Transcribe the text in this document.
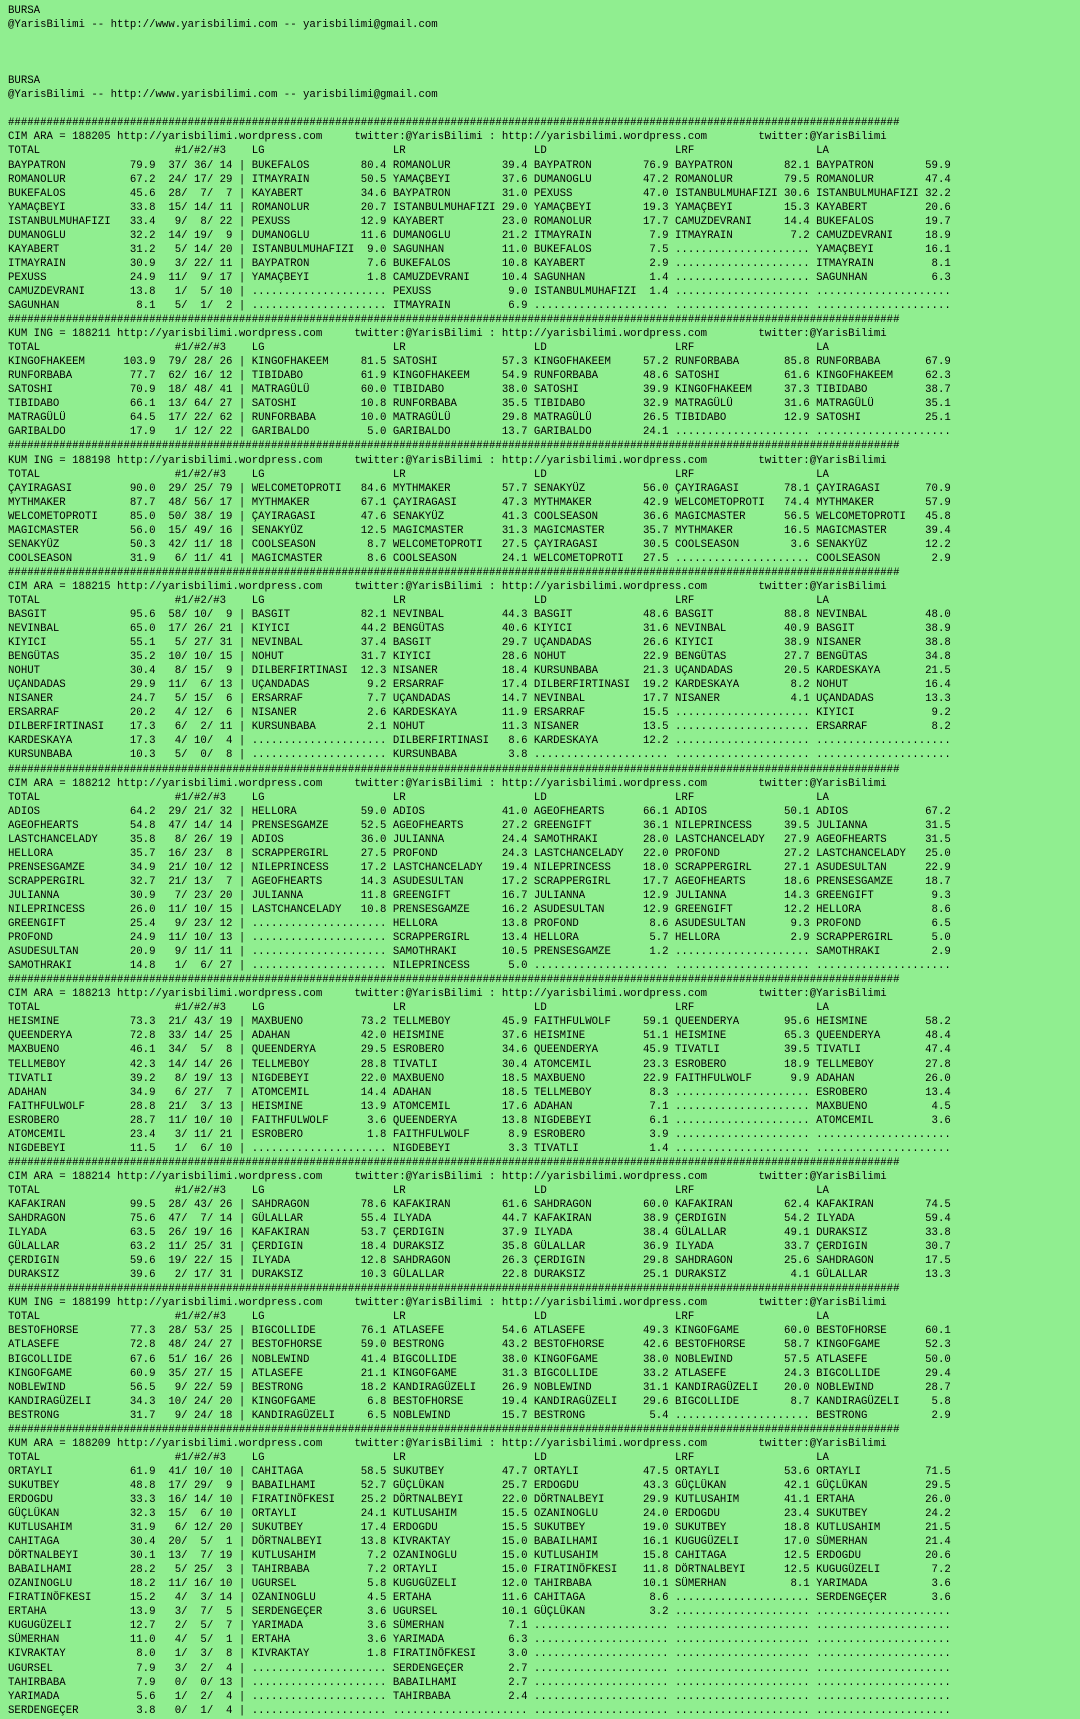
BURSA
@YarisBilimi -- http://www.yarisbilimi.com -- yarisbilimi@gmail.com

BURSA
@YarisBilimi -- http://www.yarisbilimi.com -- yarisbilimi@gmail.com

###########################################################################################################################################
CIM ARA = 188205 http://yarisbilimi.wordpress.com     twitter:@YarisBilimi : http://yarisbilimi.wordpress.com        twitter:@YarisBilimi
TOTAL                     #1/#2/#3    LG                    LR                    LD                    LRF                   LA
BAYPATRON          79.9  37/ 36/ 14 | BUKEFALOS        80.4 ROMANOLUR        39.4 BAYPATRON        76.9 BAYPATRON        82.1 BAYPATRON        59.9
ROMANOLUR          67.2  24/ 17/ 29 | ITMAYRAIN        50.5 YAMAÇBEYI        37.6 DUMANOGLU        47.2 ROMANOLUR        79.5 ROMANOLUR        47.4
BUKEFALOS          45.6  28/  7/  7 | KAYABERT         34.6 BAYPATRON        31.0 PEXUSS           47.0 ISTANBULMUHAFIZI 30.6 ISTANBULMUHAFIZI 32.2
YAMAÇBEYI          33.8  15/ 14/ 11 | ROMANOLUR        20.7 ISTANBULMUHAFIZI 29.0 YAMAÇBEYI        19.3 YAMAÇBEYI        15.3 KAYABERT         20.6
ISTANBULMUHAFIZI   33.4   9/  8/ 22 | PEXUSS           12.9 KAYABERT         23.0 ROMANOLUR        17.7 CAMUZDEVRANI     14.4 BUKEFALOS        19.7
DUMANOGLU          32.2  14/ 19/  9 | DUMANOGLU        11.6 DUMANOGLU        21.2 ITMAYRAIN         7.9 ITMAYRAIN         7.2 CAMUZDEVRANI     18.9
KAYABERT           31.2   5/ 14/ 20 | ISTANBULMUHAFIZI  9.0 SAGUNHAN         11.0 BUKEFALOS         7.5 ..................... YAMAÇBEYI        16.1
ITMAYRAIN          30.9   3/ 22/ 11 | BAYPATRON         7.6 BUKEFALOS        10.8 KAYABERT          2.9 ..................... ITMAYRAIN         8.1
PEXUSS             24.9  11/  9/ 17 | YAMAÇBEYI         1.8 CAMUZDEVRANI     10.4 SAGUNHAN          1.4 ..................... SAGUNHAN          6.3
CAMUZDEVRANI       13.8   1/  5/ 10 | ..................... PEXUSS            9.0 ISTANBULMUHAFIZI  1.4 ..................... .....................
SAGUNHAN            8.1   5/  1/  2 | ..................... ITMAYRAIN         6.9 ..................... ..................... .....................
###########################################################################################################################################
KUM ING = 188211 http://yarisbilimi.wordpress.com     twitter:@YarisBilimi : http://yarisbilimi.wordpress.com        twitter:@YarisBilimi
TOTAL                     #1/#2/#3    LG                    LR                    LD                    LRF                   LA
KINGOFHAKEEM      103.9  79/ 28/ 26 | KINGOFHAKEEM     81.5 SATOSHI          57.3 KINGOFHAKEEM     57.2 RUNFORBABA       85.8 RUNFORBABA       67.9
RUNFORBABA         77.7  62/ 16/ 12 | TIBIDABO         61.9 KINGOFHAKEEM     54.9 RUNFORBABA       48.6 SATOSHI          61.6 KINGOFHAKEEM     62.3
SATOSHI            70.9  18/ 48/ 41 | MATRAGÜLÜ        60.0 TIBIDABO         38.0 SATOSHI          39.9 KINGOFHAKEEM     37.3 TIBIDABO         38.7
TIBIDABO           66.1  13/ 64/ 27 | SATOSHI          10.8 RUNFORBABA       35.5 TIBIDABO         32.9 MATRAGÜLÜ        31.6 MATRAGÜLÜ        35.1
MATRAGÜLÜ          64.5  17/ 22/ 62 | RUNFORBABA       10.0 MATRAGÜLÜ        29.8 MATRAGÜLÜ        26.5 TIBIDABO         12.9 SATOSHI          25.1
GARIBALDO          17.9   1/ 12/ 22 | GARIBALDO         5.0 GARIBALDO        13.7 GARIBALDO        24.1 ..................... .....................
###########################################################################################################################################
KUM ING = 188198 http://yarisbilimi.wordpress.com     twitter:@YarisBilimi : http://yarisbilimi.wordpress.com        twitter:@YarisBilimi
TOTAL                     #1/#2/#3    LG                    LR                    LD                    LRF                   LA
ÇAYIRAGASI         90.0  29/ 25/ 79 | WELCOMETOPROTI   84.6 MYTHMAKER        57.7 SENAKYÜZ         56.0 ÇAYIRAGASI       78.1 ÇAYIRAGASI       70.9
MYTHMAKER          87.7  48/ 56/ 17 | MYTHMAKER        67.1 ÇAYIRAGASI       47.3 MYTHMAKER        42.9 WELCOMETOPROTI   74.4 MYTHMAKER        57.9
WELCOMETOPROTI     85.0  50/ 38/ 19 | ÇAYIRAGASI       47.6 SENAKYÜZ         41.3 COOLSEASON       36.6 MAGICMASTER      56.5 WELCOMETOPROTI   45.8
MAGICMASTER        56.0  15/ 49/ 16 | SENAKYÜZ         12.5 MAGICMASTER      31.3 MAGICMASTER      35.7 MYTHMAKER        16.5 MAGICMASTER      39.4
SENAKYÜZ           50.3  42/ 11/ 18 | COOLSEASON        8.7 WELCOMETOPROTI   27.5 ÇAYIRAGASI       30.5 COOLSEASON        3.6 SENAKYÜZ         12.2
COOLSEASON         31.9   6/ 11/ 41 | MAGICMASTER       8.6 COOLSEASON       24.1 WELCOMETOPROTI   27.5 ..................... COOLSEASON        2.9
###########################################################################################################################################
CIM ARA = 188215 http://yarisbilimi.wordpress.com     twitter:@YarisBilimi : http://yarisbilimi.wordpress.com        twitter:@YarisBilimi
TOTAL                     #1/#2/#3    LG                    LR                    LD                    LRF                   LA
BASGIT             95.6  58/ 10/  9 | BASGIT           82.1 NEVINBAL         44.3 BASGIT           48.6 BASGIT           88.8 NEVINBAL         48.0
NEVINBAL           65.0  17/ 26/ 21 | KIYICI           44.2 BENGÜTAS         40.6 KIYICI           31.6 NEVINBAL         40.9 BASGIT           38.9
KIYICI             55.1   5/ 27/ 31 | NEVINBAL         37.4 BASGIT           29.7 UÇANDADAS        26.6 KIYICI           38.9 NISANER          38.8
BENGÜTAS           35.2  10/ 10/ 15 | NOHUT            31.7 KIYICI           28.6 NOHUT            22.9 BENGÜTAS         27.7 BENGÜTAS         34.8
NOHUT              30.4   8/ 15/  9 | DILBERFIRTINASI  12.3 NISANER          18.4 KURSUNBABA       21.3 UÇANDADAS        20.5 KARDESKAYA       21.5
UÇANDADAS          29.9  11/  6/ 13 | UÇANDADAS         9.2 ERSARRAF         17.4 DILBERFIRTINASI  19.2 KARDESKAYA        8.2 NOHUT            16.4
NISANER            24.7   5/ 15/  6 | ERSARRAF          7.7 UÇANDADAS        14.7 NEVINBAL         17.7 NISANER           4.1 UÇANDADAS        13.3
ERSARRAF           20.2   4/ 12/  6 | NISANER           2.6 KARDESKAYA       11.9 ERSARRAF         15.5 ..................... KIYICI            9.2
DILBERFIRTINASI    17.3   6/  2/ 11 | KURSUNBABA        2.1 NOHUT            11.3 NISANER          13.5 ..................... ERSARRAF          8.2
KARDESKAYA         17.3   4/ 10/  4 | ..................... DILBERFIRTINASI   8.6 KARDESKAYA       12.2 ..................... .....................
KURSUNBABA         10.3   5/  0/  8 | ..................... KURSUNBABA        3.8 ..................... ..................... .....................
###########################################################################################################################################
CIM ARA = 188212 http://yarisbilimi.wordpress.com     twitter:@YarisBilimi : http://yarisbilimi.wordpress.com        twitter:@YarisBilimi
TOTAL                     #1/#2/#3    LG                    LR                    LD                    LRF                   LA
ADIOS              64.2  29/ 21/ 32 | HELLORA          59.0 ADIOS            41.0 AGEOFHEARTS      66.1 ADIOS            50.1 ADIOS            67.2
AGEOFHEARTS        54.8  47/ 14/ 14 | PRENSESGAMZE     52.5 AGEOFHEARTS      27.2 GREENGIFT        36.1 NILEPRINCESS     39.5 JULIANNA         31.5
LASTCHANCELADY     35.8   8/ 26/ 19 | ADIOS            36.0 JULIANNA         24.4 SAMOTHRAKI       28.0 LASTCHANCELADY   27.9 AGEOFHEARTS      31.5
HELLORA            35.7  16/ 23/  8 | SCRAPPERGIRL     27.5 PROFOND          24.3 LASTCHANCELADY   22.0 PROFOND          27.2 LASTCHANCELADY   25.0
PRENSESGAMZE       34.9  21/ 10/ 12 | NILEPRINCESS     17.2 LASTCHANCELADY   19.4 NILEPRINCESS     18.0 SCRAPPERGIRL     27.1 ASUDESULTAN      22.9
SCRAPPERGIRL       32.7  21/ 13/  7 | AGEOFHEARTS      14.3 ASUDESULTAN      17.2 SCRAPPERGIRL     17.7 AGEOFHEARTS      18.6 PRENSESGAMZE     18.7
JULIANNA           30.9   7/ 23/ 20 | JULIANNA         11.8 GREENGIFT        16.7 JULIANNA         12.9 JULIANNA         14.3 GREENGIFT         9.3
NILEPRINCESS       26.0  11/ 10/ 15 | LASTCHANCELADY   10.8 PRENSESGAMZE     16.2 ASUDESULTAN      12.9 GREENGIFT        12.2 HELLORA           8.6
GREENGIFT          25.4   9/ 23/ 12 | ..................... HELLORA          13.8 PROFOND           8.6 ASUDESULTAN       9.3 PROFOND           6.5
PROFOND            24.9  11/ 10/ 13 | ..................... SCRAPPERGIRL     13.4 HELLORA           5.7 HELLORA           2.9 SCRAPPERGIRL      5.0
ASUDESULTAN        20.9   9/ 11/ 11 | ..................... SAMOTHRAKI       10.5 PRENSESGAMZE      1.2 ..................... SAMOTHRAKI        2.9
SAMOTHRAKI         14.8   1/  6/ 27 | ..................... NILEPRINCESS      5.0 ..................... ..................... .....................
###########################################################################################################################################
CIM ARA = 188213 http://yarisbilimi.wordpress.com     twitter:@YarisBilimi : http://yarisbilimi.wordpress.com        twitter:@YarisBilimi
TOTAL                     #1/#2/#3    LG                    LR                    LD                    LRF                   LA
HEISMINE           73.3  21/ 43/ 19 | MAXBUENO         73.2 TELLMEBOY        45.9 FAITHFULWOLF     59.1 QUEENDERYA       95.6 HEISMINE         58.2
QUEENDERYA         72.8  33/ 14/ 25 | ADAHAN           42.0 HEISMINE         37.6 HEISMINE         51.1 HEISMINE         65.3 QUEENDERYA       48.4
MAXBUENO           46.1  34/  5/  8 | QUEENDERYA       29.5 ESROBERO         34.6 QUEENDERYA       45.9 TIVATLI          39.5 TIVATLI          47.4
TELLMEBOY          42.3  14/ 14/ 26 | TELLMEBOY        28.8 TIVATLI          30.4 ATOMCEMIL        23.3 ESROBERO         18.9 TELLMEBOY        27.8
TIVATLI            39.2   8/ 19/ 13 | NIGDEBEYI        22.0 MAXBUENO         18.5 MAXBUENO         22.9 FAITHFULWOLF      9.9 ADAHAN           26.0
ADAHAN             34.9   6/ 27/  7 | ATOMCEMIL        14.4 ADAHAN           18.5 TELLMEBOY         8.3 ..................... ESROBERO         13.4
FAITHFULWOLF       28.8  21/  3/ 13 | HEISMINE         13.9 ATOMCEMIL        17.6 ADAHAN            7.1 ..................... MAXBUENO          4.5
ESROBERO           28.7  11/ 10/ 10 | FAITHFULWOLF      3.6 QUEENDERYA       13.8 NIGDEBEYI         6.1 ..................... ATOMCEMIL         3.6
ATOMCEMIL          23.4   3/ 11/ 21 | ESROBERO          1.8 FAITHFULWOLF      8.9 ESROBERO          3.9 ..................... .....................
NIGDEBEYI          11.5   1/  6/ 10 | ..................... NIGDEBEYI         3.3 TIVATLI           1.4 ..................... .....................
###########################################################################################################################################
CIM ARA = 188214 http://yarisbilimi.wordpress.com     twitter:@YarisBilimi : http://yarisbilimi.wordpress.com        twitter:@YarisBilimi
TOTAL                     #1/#2/#3    LG                    LR                    LD                    LRF                   LA
KAFAKIRAN          99.5  28/ 43/ 26 | SAHDRAGON        78.6 KAFAKIRAN        61.6 SAHDRAGON        60.0 KAFAKIRAN        62.4 KAFAKIRAN        74.5
SAHDRAGON          75.6  47/  7/ 14 | GÜLALLAR         55.4 ILYADA           44.7 KAFAKIRAN        38.9 ÇERDIGIN         54.2 ILYADA           59.4
ILYADA             63.5  26/ 19/ 16 | KAFAKIRAN        53.7 ÇERDIGIN         37.9 ILYADA           38.4 GÜLALLAR         49.1 DURAKSIZ         33.8
GÜLALLAR           63.2  11/ 25/ 31 | ÇERDIGIN         18.4 DURAKSIZ         35.8 GÜLALLAR         36.9 ILYADA           33.7 ÇERDIGIN         30.7
ÇERDIGIN           59.6  19/ 22/ 15 | ILYADA           12.8 SAHDRAGON        26.3 ÇERDIGIN         29.8 SAHDRAGON        25.6 SAHDRAGON        17.5
DURAKSIZ           39.6   2/ 17/ 31 | DURAKSIZ         10.3 GÜLALLAR         22.8 DURAKSIZ         25.1 DURAKSIZ          4.1 GÜLALLAR         13.3
###########################################################################################################################################
KUM ING = 188199 http://yarisbilimi.wordpress.com     twitter:@YarisBilimi : http://yarisbilimi.wordpress.com        twitter:@YarisBilimi
TOTAL                     #1/#2/#3    LG                    LR                    LD                    LRF                   LA
BESTOFHORSE        77.3  28/ 53/ 25 | BIGCOLLIDE       76.1 ATLASEFE         54.6 ATLASEFE         49.3 KINGOFGAME       60.0 BESTOFHORSE      60.1
ATLASEFE           72.8  48/ 24/ 27 | BESTOFHORSE      59.0 BESTRONG         43.2 BESTOFHORSE      42.6 BESTOFHORSE      58.7 KINGOFGAME       52.3
BIGCOLLIDE         67.6  51/ 16/ 26 | NOBLEWIND        41.4 BIGCOLLIDE       38.0 KINGOFGAME       38.0 NOBLEWIND        57.5 ATLASEFE         50.0
KINGOFGAME         60.9  35/ 27/ 15 | ATLASEFE         21.1 KINGOFGAME       31.3 BIGCOLLIDE       33.2 ATLASEFE         24.3 BIGCOLLIDE       29.4
NOBLEWIND          56.5   9/ 22/ 59 | BESTRONG         18.2 KANDIRAGÜZELI    26.9 NOBLEWIND        31.1 KANDIRAGÜZELI    20.0 NOBLEWIND        28.7
KANDIRAGÜZELI      34.3  10/ 24/ 20 | KINGOFGAME        6.8 BESTOFHORSE      19.4 KANDIRAGÜZELI    29.6 BIGCOLLIDE        8.7 KANDIRAGÜZELI     5.8
BESTRONG           31.7   9/ 24/ 18 | KANDIRAGÜZELI     6.5 NOBLEWIND        15.7 BESTRONG          5.4 ..................... BESTRONG          2.9
###########################################################################################################################################
KUM ARA = 188209 http://yarisbilimi.wordpress.com     twitter:@YarisBilimi : http://yarisbilimi.wordpress.com        twitter:@YarisBilimi
TOTAL                     #1/#2/#3    LG                    LR                    LD                    LRF                   LA
ORTAYLI            61.9  41/ 10/ 10 | CAHITAGA         58.5 SUKUTBEY         47.7 ORTAYLI          47.5 ORTAYLI          53.6 ORTAYLI          71.5
SUKUTBEY           48.8  17/ 29/  9 | BABAILHAMI       52.7 GÜÇLÜKAN         25.7 ERDOGDU          43.3 GÜÇLÜKAN         42.1 GÜÇLÜKAN         29.5
ERDOGDU            33.3  16/ 14/ 10 | FIRATINÖFKESI    25.2 DÖRTNALBEYI      22.0 DÖRTNALBEYI      29.9 KUTLUSAHIM       41.1 ERTAHA           26.0
GÜÇLÜKAN           32.3  15/  6/ 10 | ORTAYLI          24.1 KUTLUSAHIM       15.5 OZANINOGLU       24.0 ERDOGDU          23.4 SUKUTBEY         24.2
KUTLUSAHIM         31.9   6/ 12/ 20 | SUKUTBEY         17.4 ERDOGDU          15.5 SUKUTBEY         19.0 SUKUTBEY         18.8 KUTLUSAHIM       21.5
CAHITAGA           30.4  20/  5/  1 | DÖRTNALBEYI      13.8 KIVRAKTAY        15.0 BABAILHAMI       16.1 KUGUGÜZELI       17.0 SÜMERHAN         21.4
DÖRTNALBEYI        30.1  13/  7/ 19 | KUTLUSAHIM        7.2 OZANINOGLU       15.0 KUTLUSAHIM       15.8 CAHITAGA         12.5 ERDOGDU          20.6
BABAILHAMI         28.2   5/ 25/  3 | TAHIRBABA         7.2 ORTAYLI          15.0 FIRATINÖFKESI    11.8 DÖRTNALBEYI      12.5 KUGUGÜZELI        7.2
OZANINOGLU         18.2  11/ 16/ 10 | UGURSEL           5.8 KUGUGÜZELI       12.0 TAHIRBABA        10.1 SÜMERHAN          8.1 YARIMADA          3.6
FIRATINÖFKESI      15.2   4/  3/ 14 | OZANINOGLU        4.5 ERTAHA           11.6 CAHITAGA          8.6 ..................... SERDENGEÇER       3.6
ERTAHA             13.9   3/  7/  5 | SERDENGEÇER       3.6 UGURSEL          10.1 GÜÇLÜKAN          3.2 ..................... .....................
KUGUGÜZELI         12.7   2/  5/  7 | YARIMADA          3.6 SÜMERHAN          7.1 ..................... ..................... .....................
SÜMERHAN           11.0   4/  5/  1 | ERTAHA            3.6 YARIMADA          6.3 ..................... ..................... .....................
KIVRAKTAY           8.0   1/  3/  8 | KIVRAKTAY         1.8 FIRATINÖFKESI     3.0 ..................... ..................... .....................
UGURSEL             7.9   3/  2/  4 | ..................... SERDENGEÇER       2.7 ..................... ..................... .....................
TAHIRBABA           7.9   0/  0/ 13 | ..................... BABAILHAMI        2.7 ..................... ..................... .....................
YARIMADA            5.6   1/  2/  4 | ..................... TAHIRBABA         2.4 ..................... ..................... .....................
SERDENGEÇER         3.8   0/  1/  4 | ..................... ..................... ..................... ..................... .....................
